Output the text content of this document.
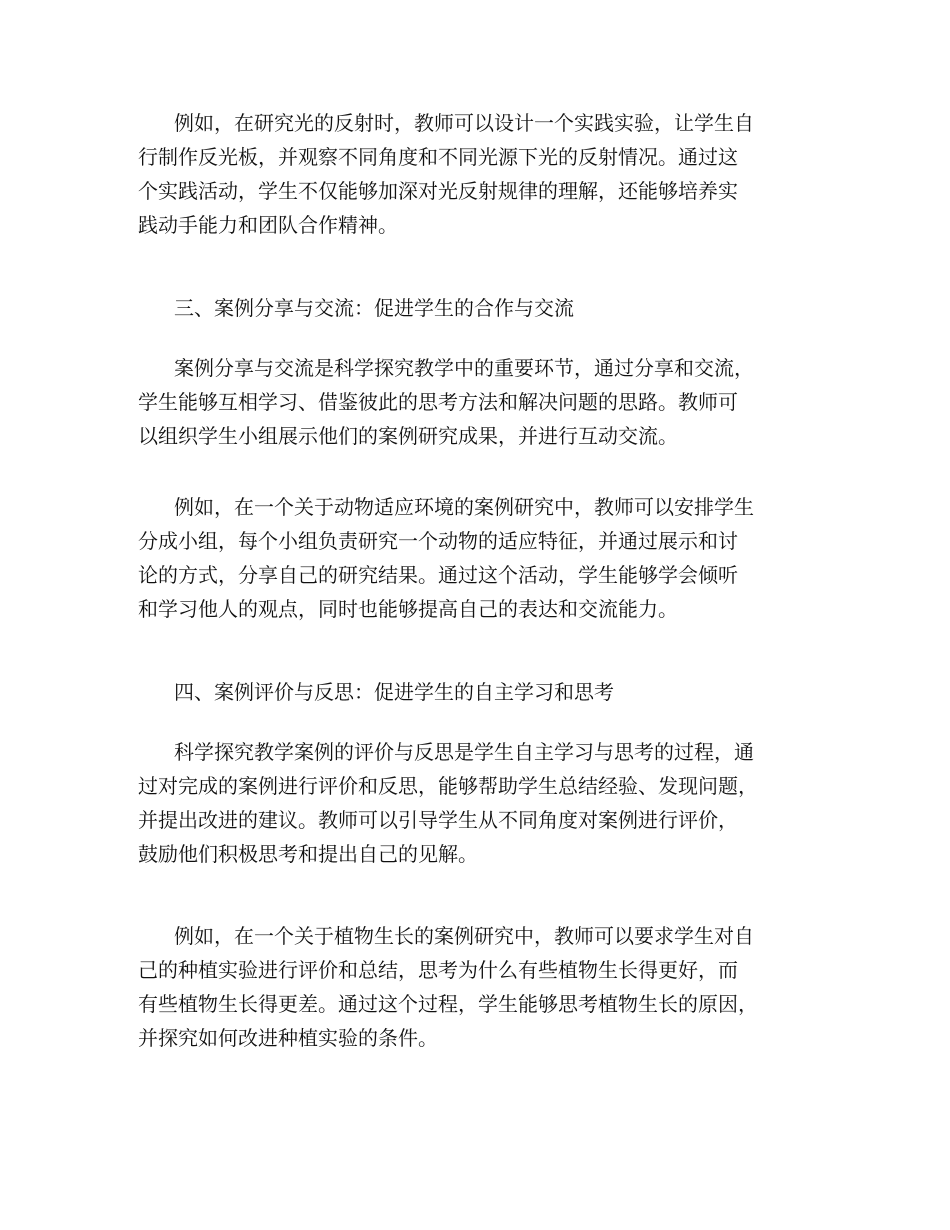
例如，在研究光的反射时，教师可以设计一个实践实验，让学生自
行制作反光板，并观察不同角度和不同光源下光的反射情况。通过这
个实践活动，学生不仅能够加深对光反射规律的理解，还能够培养实
践动手能力和团队合作精神。
三、案例分享与交流：促进学生的合作与交流
案例分享与交流是科学探究教学中的重要环节，通过分享和交流，
学生能够互相学习、借鉴彼此的思考方法和解决问题的思路。教师可
以组织学生小组展示他们的案例研究成果，并进行互动交流。
例如，在一个关于动物适应环境的案例研究中，教师可以安排学生
分成小组，每个小组负责研究一个动物的适应特征，并通过展示和讨
论的方式，分享自己的研究结果。通过这个活动，学生能够学会倾听
和学习他人的观点，同时也能够提高自己的表达和交流能力。
四、案例评价与反思：促进学生的自主学习和思考
科学探究教学案例的评价与反思是学生自主学习与思考的过程，通
过对完成的案例进行评价和反思，能够帮助学生总结经验、发现问题，
并提出改进的建议。教师可以引导学生从不同角度对案例进行评价，
鼓励他们积极思考和提出自己的见解。
例如，在一个关于植物生长的案例研究中，教师可以要求学生对自
己的种植实验进行评价和总结，思考为什么有些植物生长得更好，而
有些植物生长得更差。通过这个过程，学生能够思考植物生长的原因，
并探究如何改进种植实验的条件。
